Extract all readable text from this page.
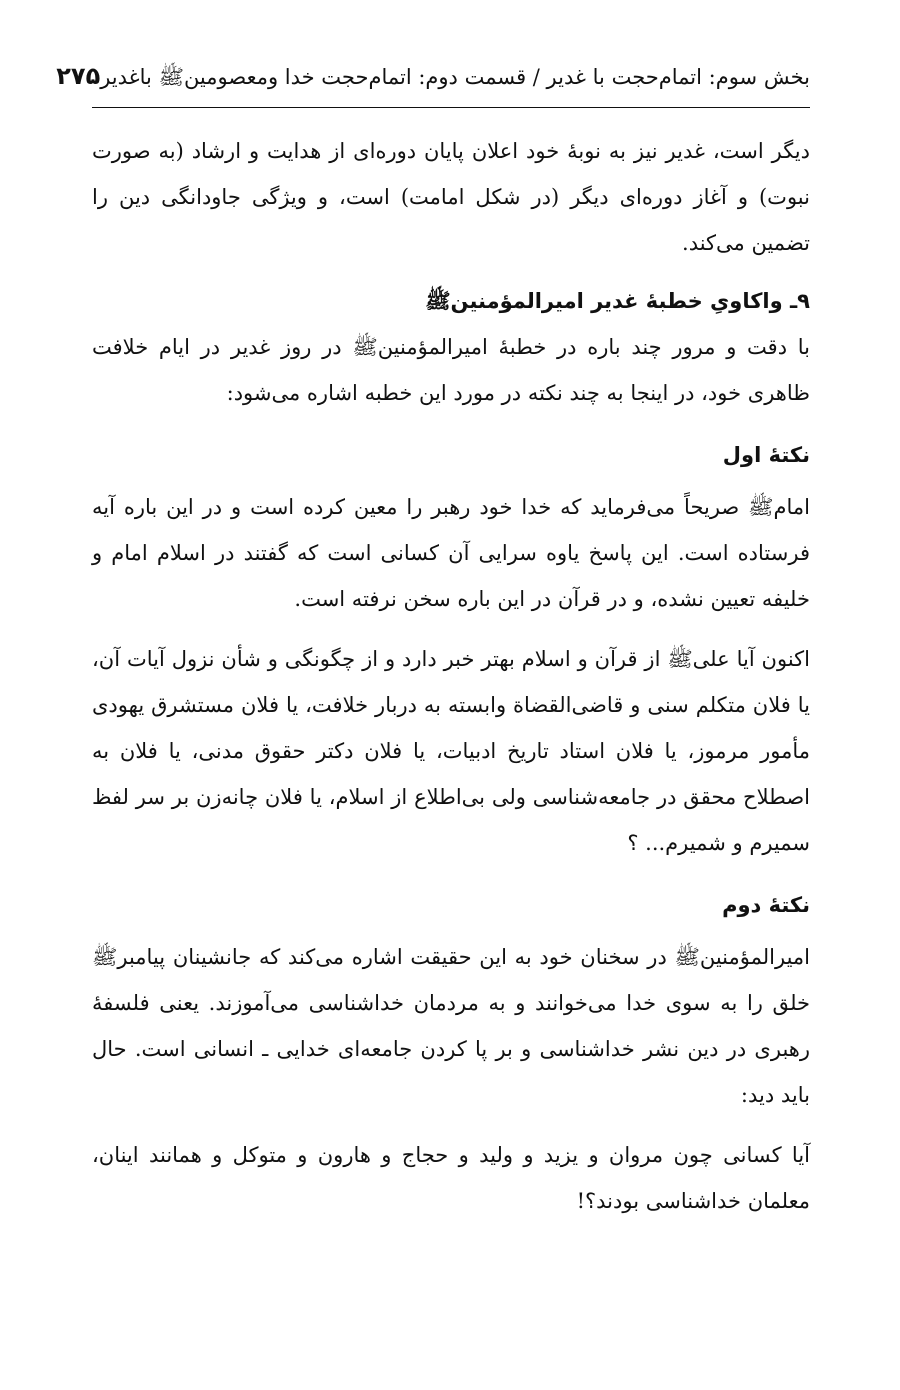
بخش سوم: اتمام‌حجت با غدیر / قسمت دوم: اتمام‌حجت خدا ومعصومین‌ﷺ باغدیر
۲۷۵

دیگر است، غدیر نیز به نوبۀ خود اعلان پایان دوره‌ای از هدایت و ارشاد (به صورت نبوت) و آغاز دوره‌ای دیگر (در شکل امامت) است، و ویژگی جاودانگی دین را تضمین می‌کند.

۹ـ واکاویِ خطبۀ غدیر امیرالمؤمنین‌ﷺ

با دقت و مرور چند باره در خطبۀ امیرالمؤمنین‌ﷺ در روز غدیر در ایام خلافت ظاهری خود، در اینجا به چند نکته در مورد این خطبه اشاره می‌شود:

نکتۀ اول

امام‌ﷺ صریحاً می‌فرماید که خدا خود رهبر را معین کرده است و در این باره آیه فرستاده است. این پاسخ یاوه سرایی آن کسانی است که گفتند در اسلام امام و خلیفه تعیین نشده، و در قرآن در این باره سخن نرفته است.

اکنون آیا علی‌ﷺ از قرآن و اسلام بهتر خبر دارد و از چگونگی و شأن نزول آیات آن، یا فلان متکلم سنی و قاضی‌القضاة وابسته به دربار خلافت، یا فلان مستشرق یهودی مأمور مرموز، یا فلان استاد تاریخ ادبیات، یا فلان دکتر حقوق مدنی، یا فلان به اصطلاح محقق در جامعه‌شناسی ولی بی‌اطلاع از اسلام، یا فلان چانه‌زن بر سر لفظ سمیرم و شمیرم... ؟

نکتۀ دوم

امیرالمؤمنین‌ﷺ در سخنان خود به این حقیقت اشاره می‌کند که جانشینان پیامبرﷺ خلق را به سوی خدا می‌خوانند و به مردمان خداشناسی می‌آموزند. یعنی فلسفۀ رهبری در دین نشر خداشناسی و بر پا کردن جامعه‌ای خدایی ـ انسانی است. حال باید دید:

آیا کسانی چون مروان و یزید و ولید و حجاج و هارون و متوکل و همانند اینان، معلمان خداشناسی بودند؟!
